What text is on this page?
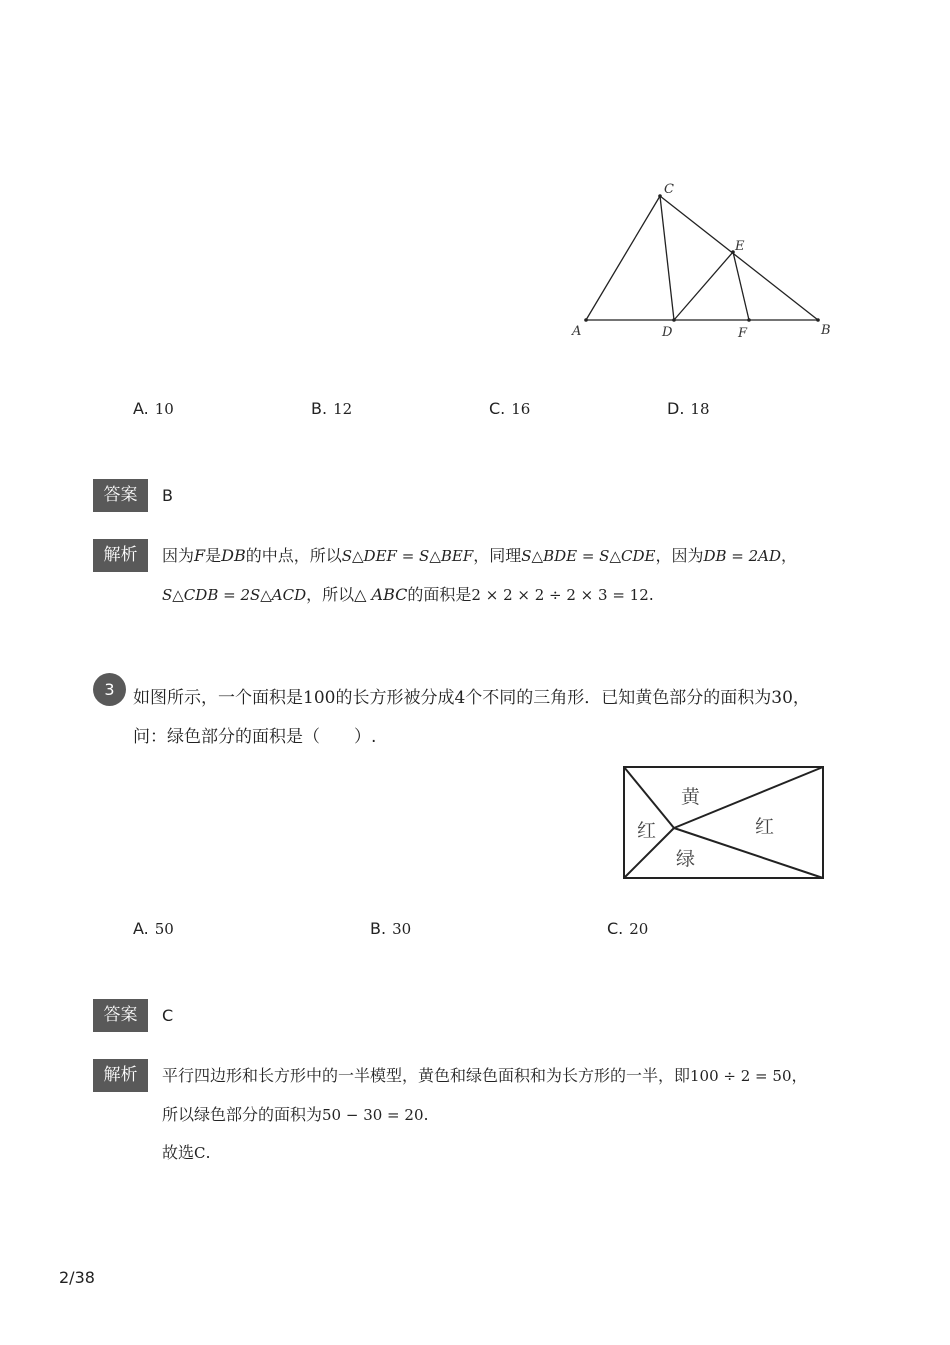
A	B
C
D
E
F
A. 10	B. 12	C. 16	D. 18
答案	B
解析	因为F是DB的中点，所以S△DEF = S△BEF，同理S△BDE = S△CDE，因为DB = 2AD，
S△CDB = 2S△ACD，所以△ ABC的面积是2 × 2 × 2 ÷ 2 × 3 = 12.
3	如图所示，一个面积是100的长方形被分成4个不同的三角形．已知黄色部分的面积为30，
问：绿色部分的面积是（　　）.
黄
红	红
绿
A. 50	B. 30	C. 20
答案	C
解析	平行四边形和长方形中的一半模型，黄色和绿色面积和为长方形的一半，即100 ÷ 2 = 50，
所以绿色部分的面积为50 − 30 = 20.
故选C.
2/38
